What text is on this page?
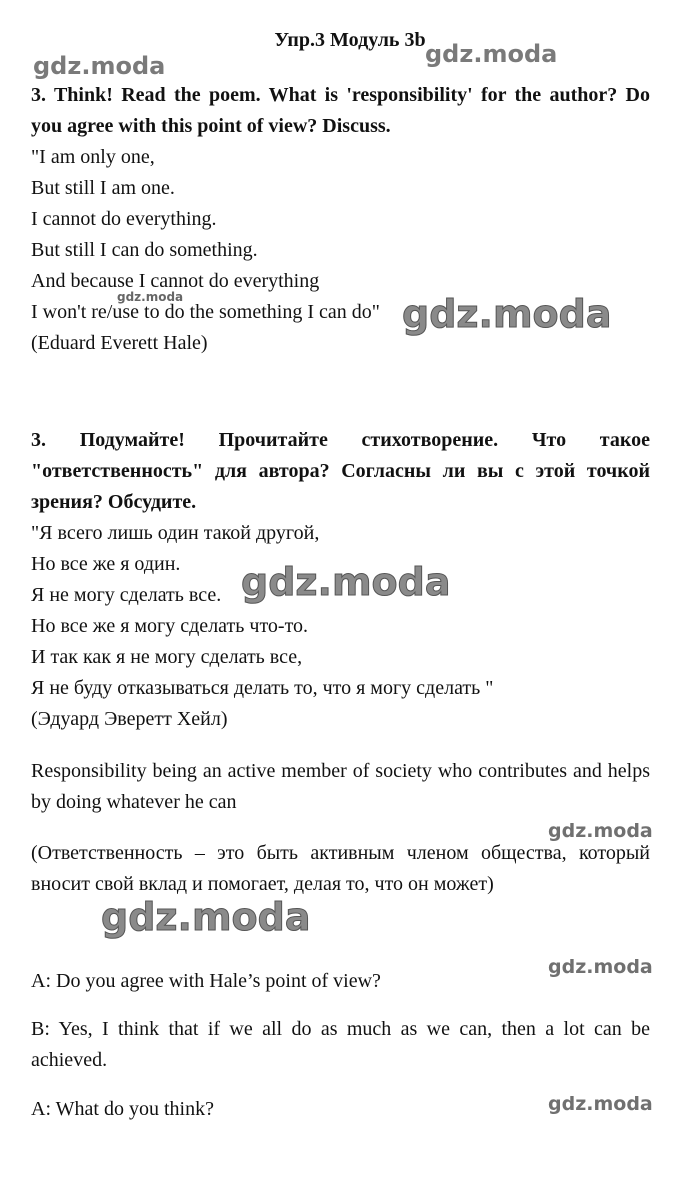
Упр.3 Модуль 3b
3. Think! Read the poem. What is 'responsibility' for the author? Do
you agree with this point of view? Discuss.
"I am only one,
But still I am one.
I cannot do everything.
But still I can do something.
And because I cannot do everything
I won't re/use to do the something I can do"
(Eduard Everett Hale)
3. Подумайте! Прочитайте стихотворение. Что такое
"ответственность" для автора? Согласны ли вы с этой точкой
зрения? Обсудите.
"Я всего лишь один такой другой,
Но все же я один.
Я не могу сделать все.
Но все же я могу сделать что-то.
И так как я не могу сделать все,
Я не буду отказываться делать то, что я могу сделать "
(Эдуард Эверетт Хейл)
Responsibility being an active member of society who contributes and helps by doing whatever he can
(Ответственность – это быть активным членом общества, который вносит свой вклад и помогает, делая то, что он может)
A: Do you agree with Hale’s point of view?
B: Yes, I think that if we all do as much as we can, then a lot can be achieved.
A: What do you think?
gdz.moda	gdz.moda
gdz.moda	gdz.moda
gdz.moda
gdz.moda
gdz.moda
gdz.moda
gdz.moda
